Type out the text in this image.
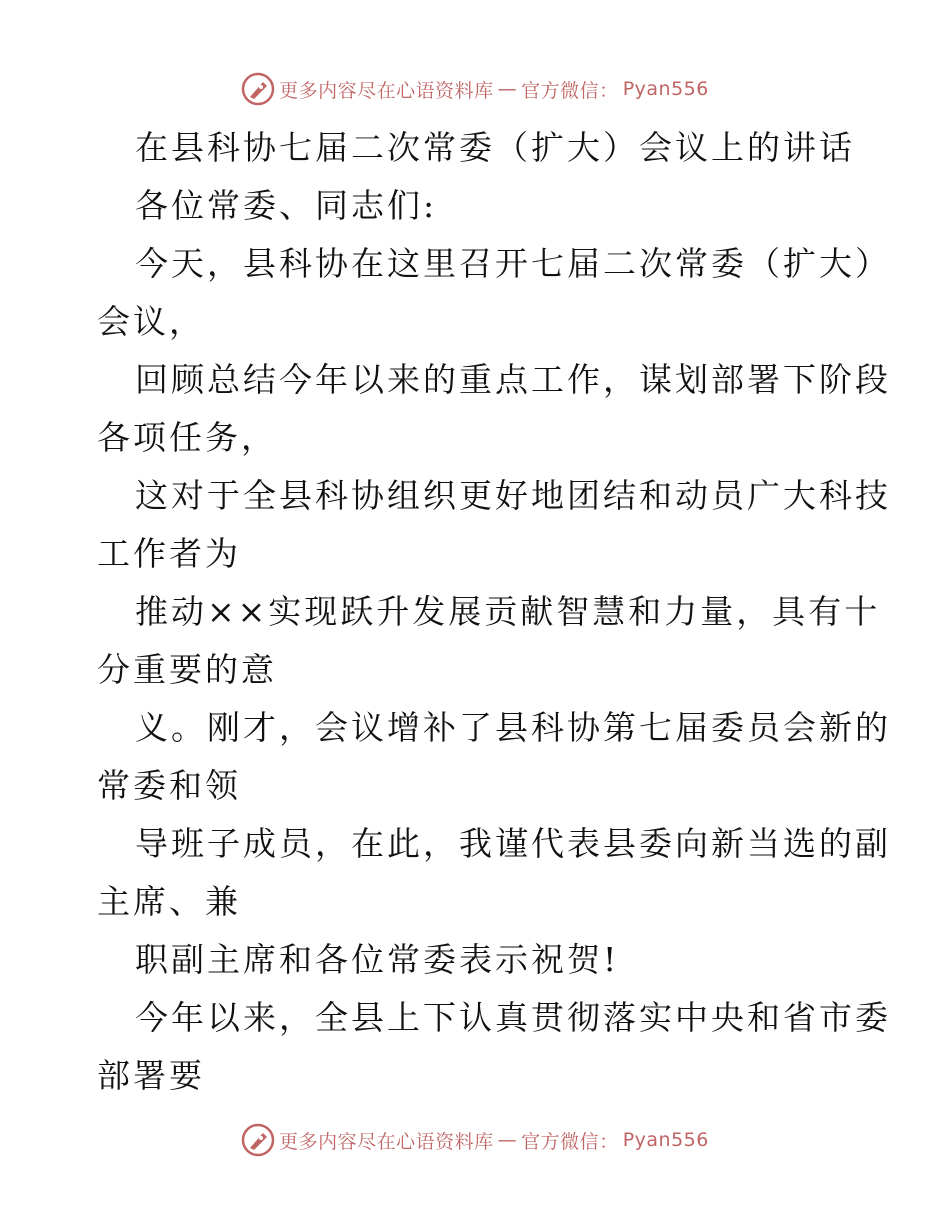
更多内容尽在心语资料库 — 官方微信： Pyan556
在县科协七届二次常委（扩大）会议上的讲话
各位常委、同志们:
今天，县科协在这里召开七届二次常委（扩大）
会议，
回顾总结今年以来的重点工作，谋划部署下阶段
各项任务，
这对于全县科协组织更好地团结和动员广大科技
工作者为
推动××实现跃升发展贡献智慧和力量，具有十
分重要的意
义。刚才，会议增补了县科协第七届委员会新的
常委和领
导班子成员，在此，我谨代表县委向新当选的副
主席、兼
职副主席和各位常委表示祝贺!
今年以来，全县上下认真贯彻落实中央和省市委
部署要
更多内容尽在心语资料库 — 官方微信： Pyan556
